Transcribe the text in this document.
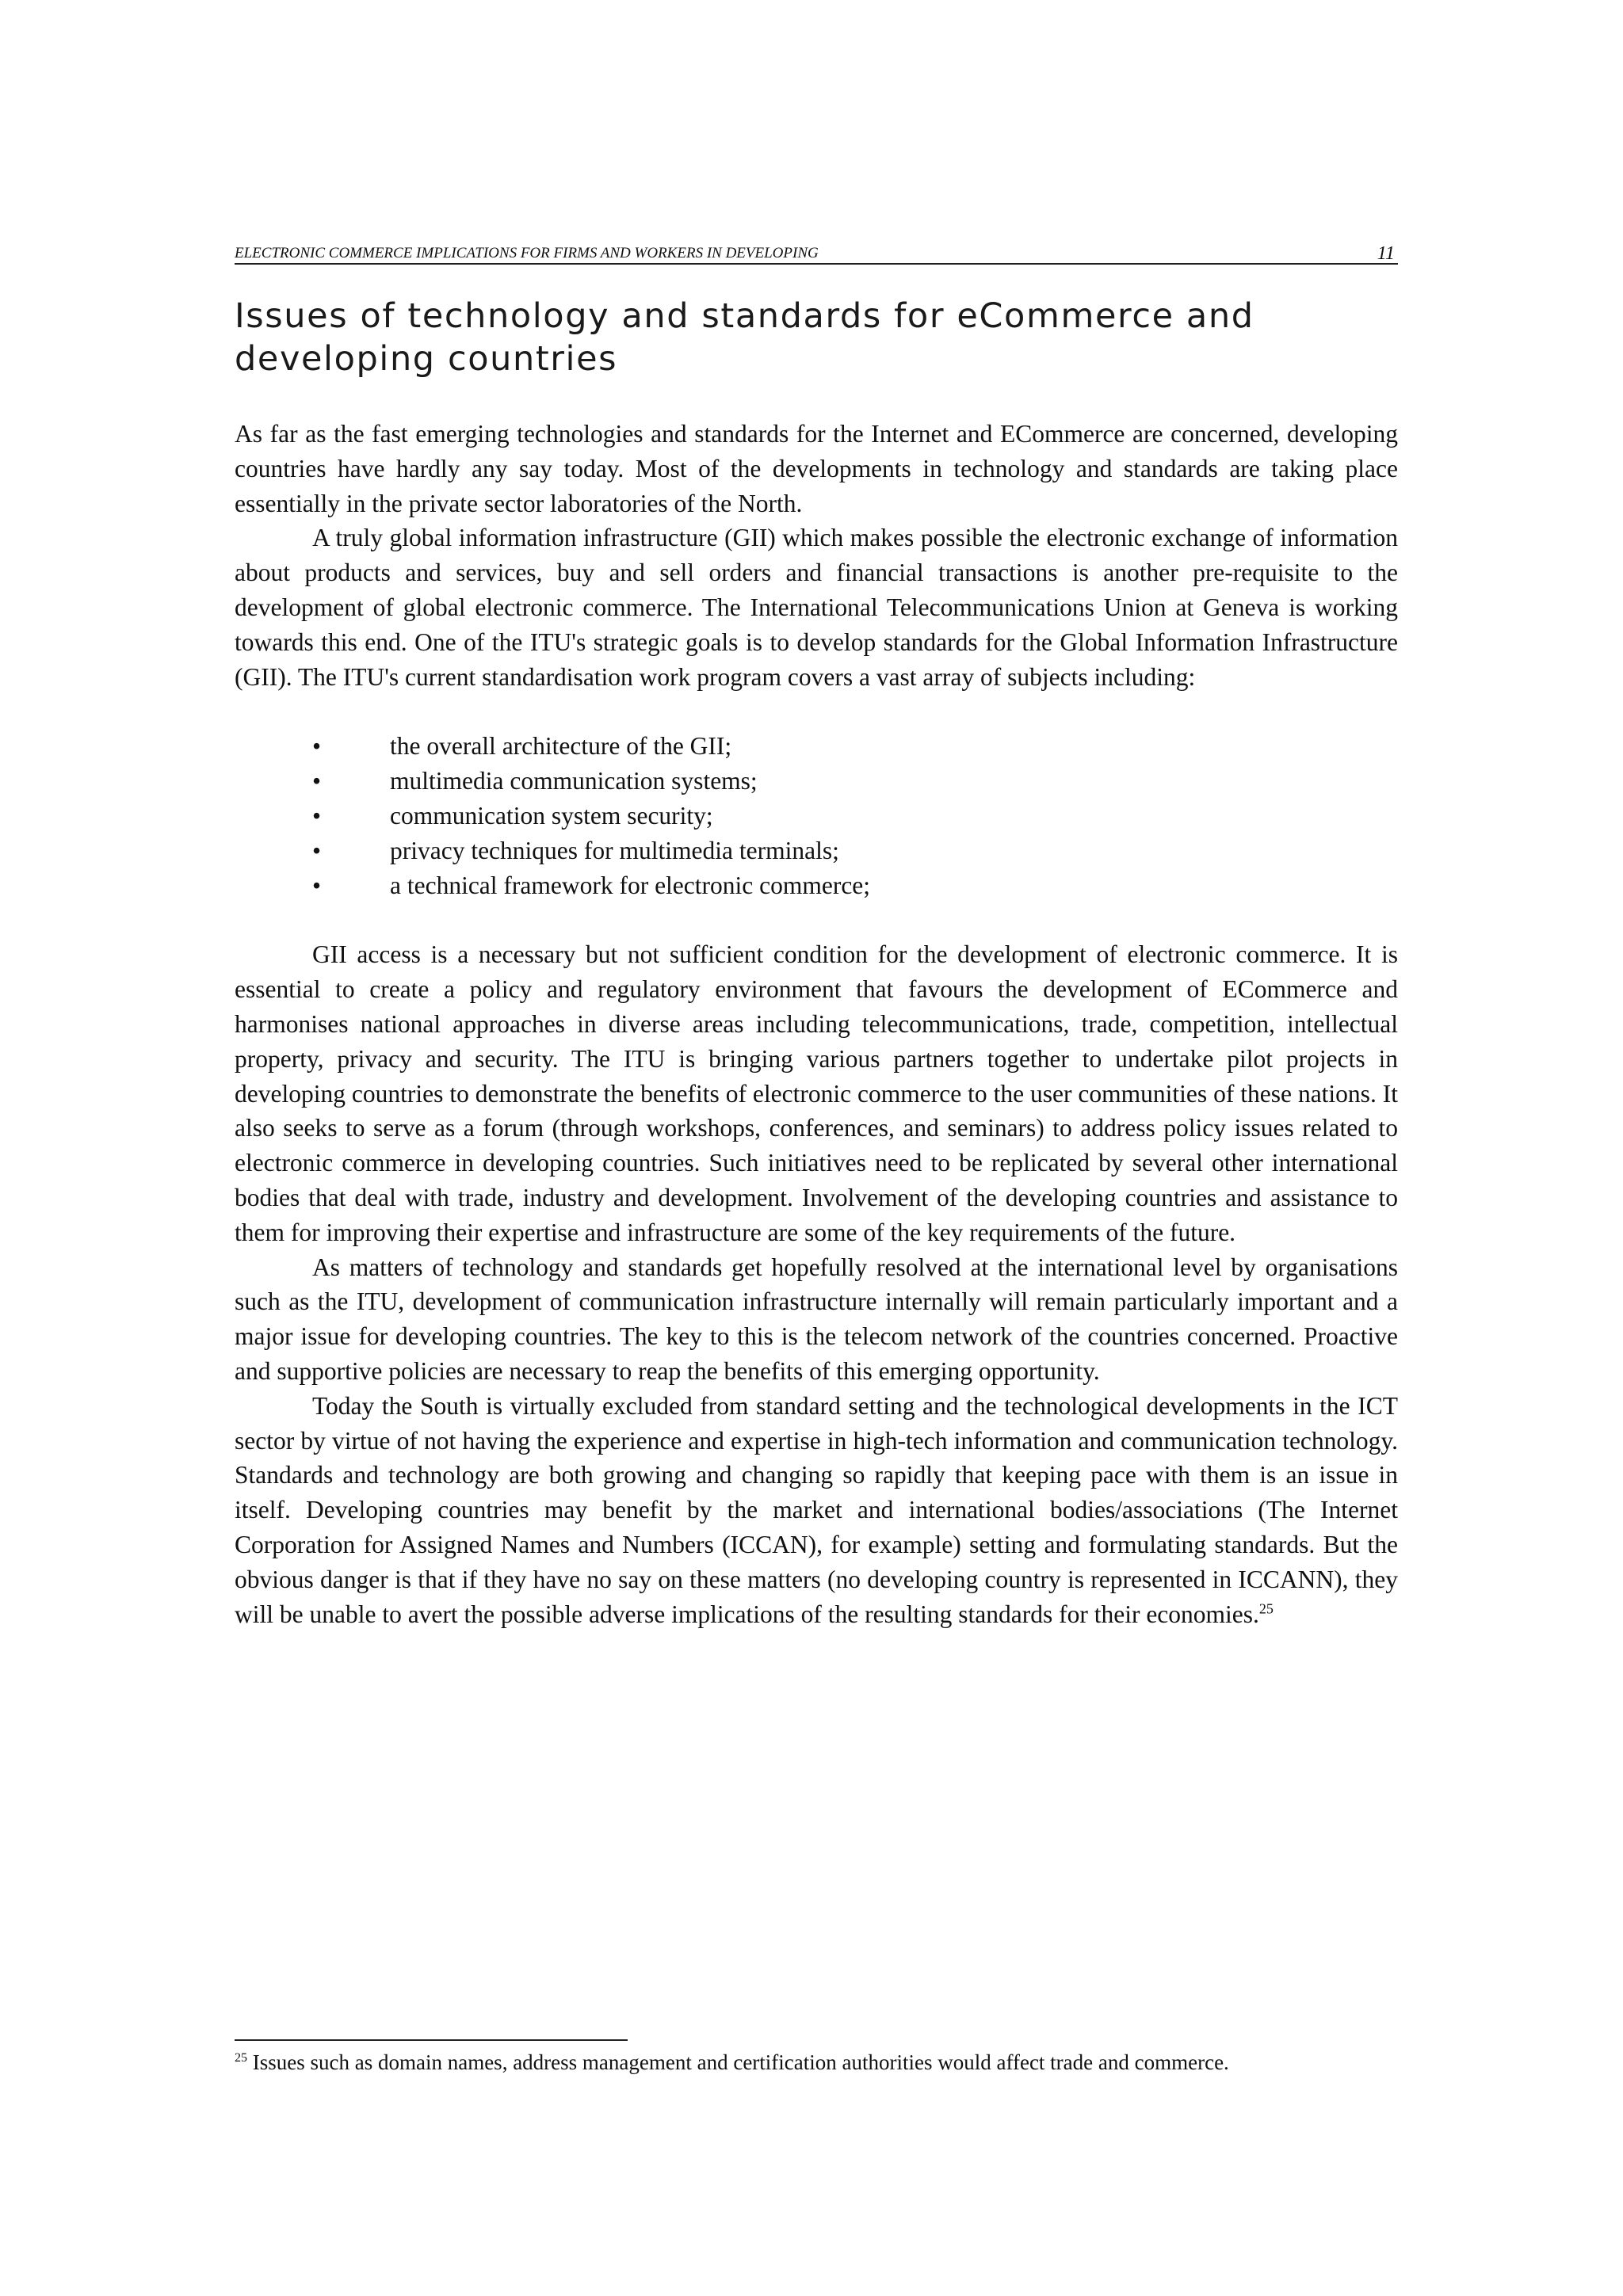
ELECTRONIC COMMERCE IMPLICATIONS FOR FIRMS AND WORKERS IN DEVELOPING	11
Issues of technology and standards for eCommerce and developing countries

As far as the fast emerging technologies and standards for the Internet and ECommerce are concerned, developing countries have hardly any say today. Most of the developments in technology and standards are taking place essentially in the private sector laboratories of the North.

A truly global information infrastructure (GII) which makes possible the electronic exchange of information about products and services, buy and sell orders and financial transactions is another pre-requisite to the development of global electronic commerce. The International Telecommunications Union at Geneva is working towards this end. One of the ITU's strategic goals is to develop standards for the Global Information Infrastructure (GII). The ITU's current standardisation work program covers a vast array of subjects including:

•	the overall architecture of the GII;
•	multimedia communication systems;
•	communication system security;
•	privacy techniques for multimedia terminals;
•	a technical framework for electronic commerce;

GII access is a necessary but not sufficient condition for the development of electronic commerce. It is essential to create a policy and regulatory environment that favours the development of ECommerce and harmonises national approaches in diverse areas including telecommunications, trade, competition, intellectual property, privacy and security. The ITU is bringing various partners together to undertake pilot projects in developing countries to demonstrate the benefits of electronic commerce to the user communities of these nations. It also seeks to serve as a forum (through workshops, conferences, and seminars) to address policy issues related to electronic commerce in developing countries. Such initiatives need to be replicated by several other international bodies that deal with trade, industry and development. Involvement of the developing countries and assistance to them for improving their expertise and infrastructure are some of the key requirements of the future.

As matters of technology and standards get hopefully resolved at the international level by organisations such as the ITU, development of communication infrastructure internally will remain particularly important and a major issue for developing countries. The key to this is the telecom network of the countries concerned. Proactive and supportive policies are necessary to reap the benefits of this emerging opportunity.

Today the South is virtually excluded from standard setting and the technological developments in the ICT sector by virtue of not having the experience and expertise in high-tech information and communication technology. Standards and technology are both growing and changing so rapidly that keeping pace with them is an issue in itself. Developing countries may benefit by the market and international bodies/associations (The Internet Corporation for Assigned Names and Numbers (ICCAN), for example) setting and formulating standards. But the obvious danger is that if they have no say on these matters (no developing country is represented in ICCANN), they will be unable to avert the possible adverse implications of the resulting standards for their economies.$^{25}$

$^{25}$ Issues such as domain names, address management and certification authorities would affect trade and commerce.
